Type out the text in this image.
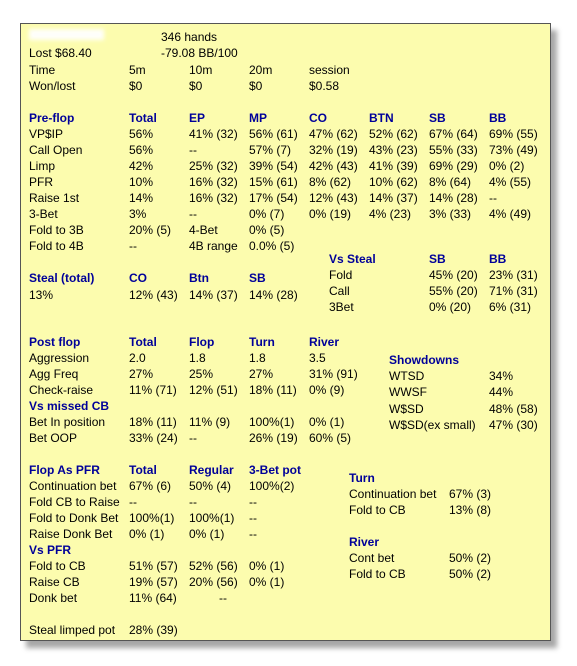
346 hands
Lost $68.40	-79.08 BB/100
Time	5m	10m	20m	session
Won/lost	$0	$0	$0	$0.58
Pre-flop	Total	EP	MP	CO	BTN	SB	BB
VP$IP	56%	41% (32) 56% (61) 47% (62) 52% (62) 67% (64) 69% (55)
Call Open	56%	--	57% (7) 32% (19) 43% (23) 55% (33) 73% (49)
Limp	42%	25% (32) 39% (54) 42% (43) 41% (39) 69% (29) 0% (2)
PFR	10%	16% (32) 15% (61) 8% (62) 10% (62) 8% (64) 4% (55)
Raise 1st	14%	16% (32) 17% (54) 12% (43) 14% (37) 14% (28) --
3-Bet	3%	--	0% (7) 0% (19) 4% (23) 3% (33) 4% (49)
Fold to 3B	20% (5) 4-Bet	0% (5)
Fold to 4B	--	4B range 0.0% (5)
Vs Steal	SB	BB
Fold	45% (20) 23% (31)
Call	55% (20) 71% (31)
3Bet	0% (20) 6% (31)
Steal (total)	CO	Btn	SB
13%	12% (43) 14% (37) 14% (28)
Post flop	Total	Flop	Turn	River
Aggression	2.0	1.8	1.8	3.5
Agg Freq	27%	25%	27%	31% (91)
Check-raise	11% (71) 12% (51) 18% (11) 0% (9)
Vs missed CB
Bet In position 18% (11) 11% (9) 100%(1) 0% (1)
Bet OOP	33% (24) --	26% (19) 60% (5)
Showdowns
WTSD	34%
WWSF	44%
W$SD	48% (58)
W$SD(ex small) 47% (30)
Flop As PFR Total	Regular 3-Bet pot
Continuation bet 67% (6) 50% (4) 100%(2)
Fold CB to Raise --	--	--
Fold to Donk Bet 100%(1) 100%(1) --
Raise Donk Bet 0% (1) 0% (1) --
Vs PFR
Fold to CB	51% (57) 52% (56) 0% (1)
Raise CB	19% (57) 20% (56) 0% (1)
Donk bet	11% (64)	--
Steal limped pot 28% (39)
Turn
Continuation bet 67% (3)
Fold to CB	13% (8)
River
Cont bet	50% (2)
Fold to CB	50% (2)
